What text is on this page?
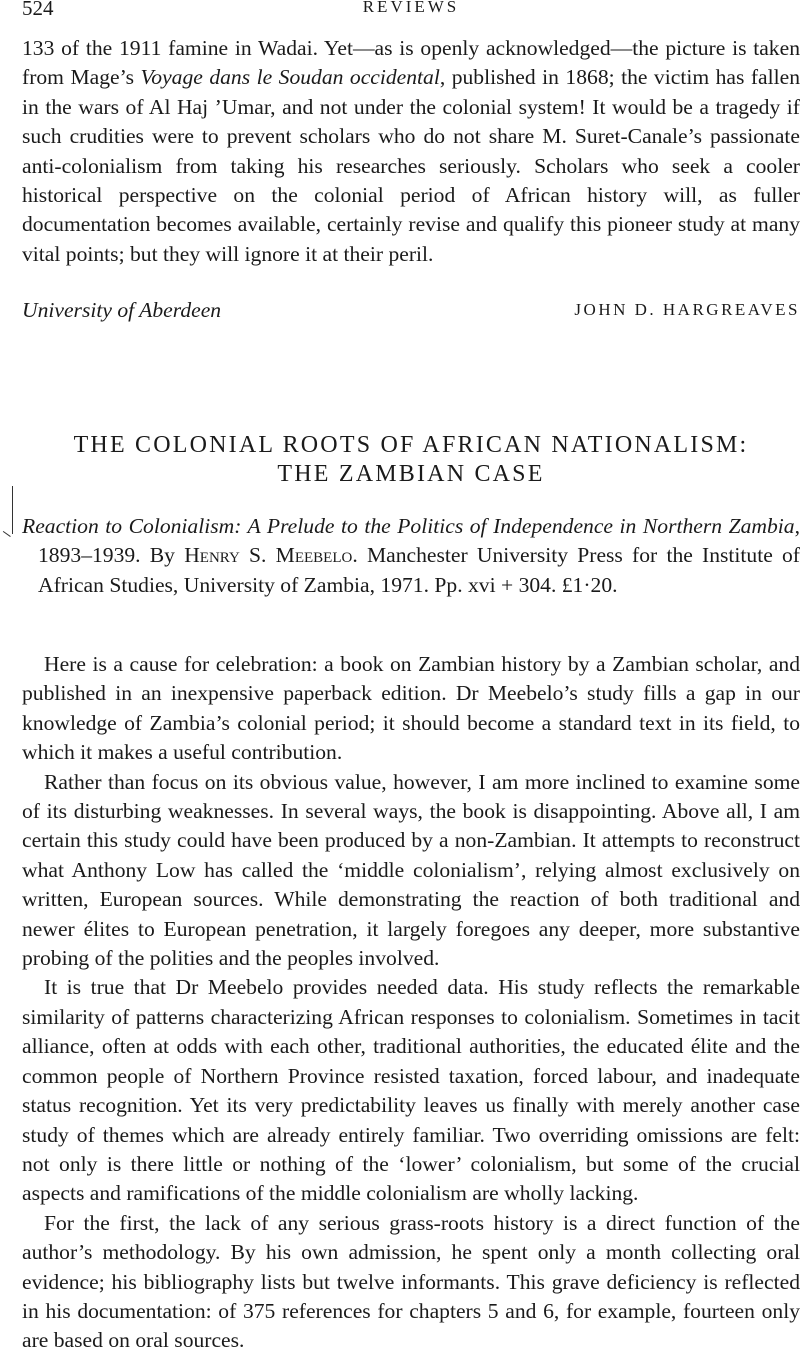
524	REVIEWS

133 of the 1911 famine in Wadai. Yet—as is openly acknowledged—the picture is taken from Mage’s Voyage dans le Soudan occidental, published in 1868; the victim has fallen in the wars of Al Haj ’Umar, and not under the colonial system! It would be a tragedy if such crudities were to prevent scholars who do not share M. Suret-Canale’s passionate anti-colonialism from taking his researches seriously. Scholars who seek a cooler historical perspective on the colonial period of African history will, as fuller documentation becomes available, certainly revise and qualify this pioneer study at many vital points; but they will ignore it at their peril.

University of Aberdeen	JOHN D. HARGREAVES
THE COLONIAL ROOTS OF AFRICAN NATIONALISM:
THE ZAMBIAN CASE
Reaction to Colonialism: A Prelude to the Politics of Independence in Northern Zambia, 1893–1939. By Henry S. Meebelo. Manchester University Press for the Institute of African Studies, University of Zambia, 1971. Pp. xvi + 304. £1·20.

Here is a cause for celebration: a book on Zambian history by a Zambian scholar, and published in an inexpensive paperback edition. Dr Meebelo’s study fills a gap in our knowledge of Zambia’s colonial period; it should become a standard text in its field, to which it makes a useful contribution.

Rather than focus on its obvious value, however, I am more inclined to examine some of its disturbing weaknesses. In several ways, the book is disappointing. Above all, I am certain this study could have been produced by a non-Zambian. It attempts to reconstruct what Anthony Low has called the ‘middle colonialism’, relying almost exclusively on written, European sources. While demonstrating the reaction of both traditional and newer élites to European penetration, it largely foregoes any deeper, more substantive probing of the polities and the peoples involved.

It is true that Dr Meebelo provides needed data. His study reflects the remarkable similarity of patterns characterizing African responses to colonialism. Sometimes in tacit alliance, often at odds with each other, traditional authorities, the educated élite and the common people of Northern Province resisted taxation, forced labour, and inadequate status recognition. Yet its very predictability leaves us finally with merely another case study of themes which are already entirely familiar. Two overriding omissions are felt: not only is there little or nothing of the ‘lower’ colonialism, but some of the crucial aspects and ramifications of the middle colonialism are wholly lacking.

For the first, the lack of any serious grass-roots history is a direct function of the author’s methodology. By his own admission, he spent only a month collecting oral evidence; his bibliography lists but twelve informants. This grave deficiency is reflected in his documentation: of 375 references for chapters 5 and 6, for example, fourteen only are based on oral sources.
